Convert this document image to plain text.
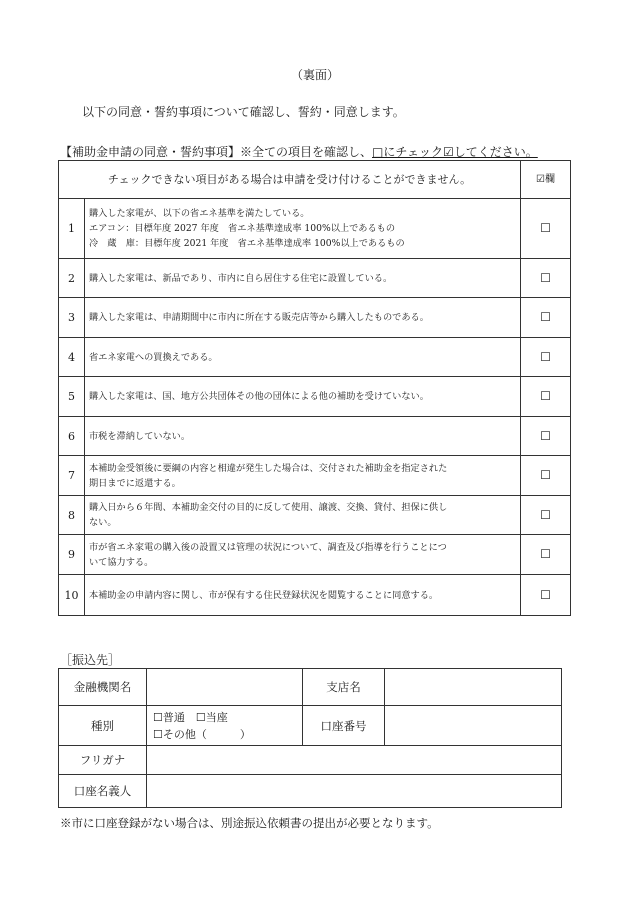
（裏面）
以下の同意・誓約事項について確認し、誓約・同意します。
【補助金申請の同意・誓約事項】※全ての項目を確認し、□にチェック☑してください。
チェックできない項目がある場合は申請を受け付けることができません。		☑欄
1	購入した家電が、以下の省エネ基準を満たしている。
エアコン：目標年度 2027 年度　省エネ基準達成率 100%以上であるもの
冷　蔵　庫：目標年度 2021 年度　省エネ基準達成率 100%以上であるもの	☐
2	購入した家電は、新品であり、市内に自ら居住する住宅に設置している。	☐
3	購入した家電は、申請期間中に市内に所在する販売店等から購入したものである。	☐
4	省エネ家電への買換えである。	☐
5	購入した家電は、国、地方公共団体その他の団体による他の補助を受けていない。	☐
6	市税を滞納していない。	☐
7	本補助金受領後に要綱の内容と相違が発生した場合は、交付された補助金を指定された
期日までに返還する。	☐
8	購入日から６年間、本補助金交付の目的に反して使用、譲渡、交換、貸付、担保に供し
ない。	☐
9	市が省エネ家電の購入後の設置又は管理の状況について、調査及び指導を行うことにつ
いて協力する。	☐
10	本補助金の申請内容に関し、市が保有する住民登録状況を閲覧することに同意する。	☐
［振込先］
金融機関名		支店名	
種別	☐普通　☐当座
☐その他（　　　）	口座番号	
フリガナ			
口座名義人			
※市に口座登録がない場合は、別途振込依頼書の提出が必要となります。
